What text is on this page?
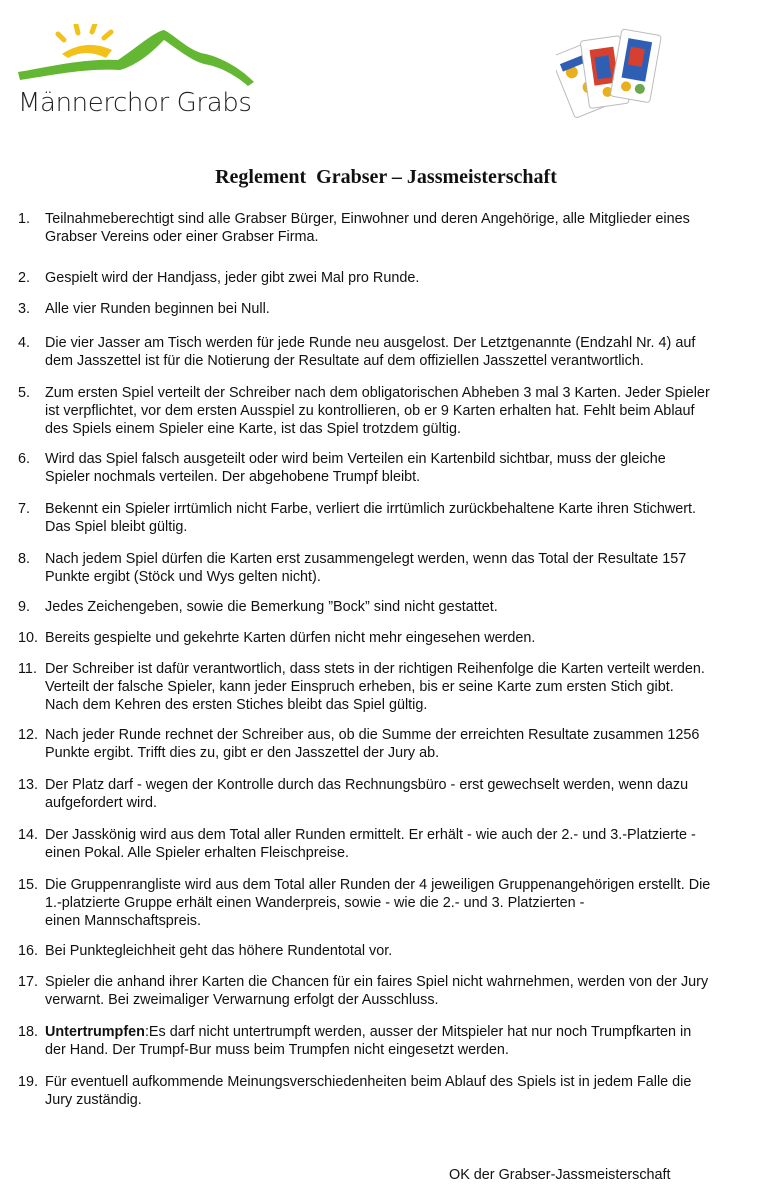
Männerchor Grabs
Reglement  Grabser – Jassmeisterschaft
1.	Teilnahmeberechtigt sind alle Grabser Bürger, Einwohner und deren Angehörige, alle Mitglieder eines
Grabser Vereins oder einer Grabser Firma.
2.	Gespielt wird der Handjass, jeder gibt zwei Mal pro Runde.
3.	Alle vier Runden beginnen bei Null.
4.	Die vier Jasser am Tisch werden für jede Runde neu ausgelost. Der Letztgenannte (Endzahl Nr. 4) auf
dem Jasszettel ist für die Notierung der Resultate auf dem offiziellen Jasszettel verantwortlich.
5.	Zum ersten Spiel verteilt der Schreiber nach dem obligatorischen Abheben 3 mal 3 Karten. Jeder Spieler
ist verpflichtet, vor dem ersten Ausspiel zu kontrollieren, ob er 9 Karten erhalten hat. Fehlt beim Ablauf
des Spiels einem Spieler eine Karte, ist das Spiel trotzdem gültig.
6.	Wird das Spiel falsch ausgeteilt oder wird beim Verteilen ein Kartenbild sichtbar, muss der gleiche
Spieler nochmals verteilen. Der abgehobene Trumpf bleibt.
7.	Bekennt ein Spieler irrtümlich nicht Farbe, verliert die irrtümlich zurückbehaltene Karte ihren Stichwert.
Das Spiel bleibt gültig.
8.	Nach jedem Spiel dürfen die Karten erst zusammengelegt werden, wenn das Total der Resultate 157
Punkte ergibt (Stöck und Wys gelten nicht).
9.	Jedes Zeichengeben, sowie die Bemerkung ”Bock” sind nicht gestattet.
10. Bereits gespielte und gekehrte Karten dürfen nicht mehr eingesehen werden.
11. Der Schreiber ist dafür verantwortlich, dass stets in der richtigen Reihenfolge die Karten verteilt werden.
Verteilt der falsche Spieler, kann jeder Einspruch erheben, bis er seine Karte zum ersten Stich gibt.
Nach dem Kehren des ersten Stiches bleibt das Spiel gültig.
12. Nach jeder Runde rechnet der Schreiber aus, ob die Summe der erreichten Resultate zusammen 1256
Punkte ergibt. Trifft dies zu, gibt er den Jasszettel der Jury ab.
13. Der Platz darf - wegen der Kontrolle durch das Rechnungsbüro - erst gewechselt werden, wenn dazu
aufgefordert wird.
14. Der Jasskönig wird aus dem Total aller Runden ermittelt. Er erhält - wie auch der 2.- und 3.-Platzierte -
einen Pokal. Alle Spieler erhalten Fleischpreise.
15. Die Gruppenrangliste wird aus dem Total aller Runden der 4 jeweiligen Gruppenangehörigen erstellt. Die
1.-platzierte Gruppe erhält einen Wanderpreis, sowie - wie die 2.- und 3. Platzierten -
einen Mannschaftspreis.
16. Bei Punktegleichheit geht das höhere Rundentotal vor.
17. Spieler die anhand ihrer Karten die Chancen für ein faires Spiel nicht wahrnehmen, werden von der Jury
verwarnt. Bei zweimaliger Verwarnung erfolgt der Ausschluss.
18. Untertrumpfen:Es darf nicht untertrumpft werden, ausser der Mitspieler hat nur noch Trumpfkarten in
der Hand. Der Trumpf-Bur muss beim Trumpfen nicht eingesetzt werden.
19. Für eventuell aufkommende Meinungsverschiedenheiten beim Ablauf des Spiels ist in jedem Falle die
Jury zuständig.
OK der Grabser-Jassmeisterschaft
